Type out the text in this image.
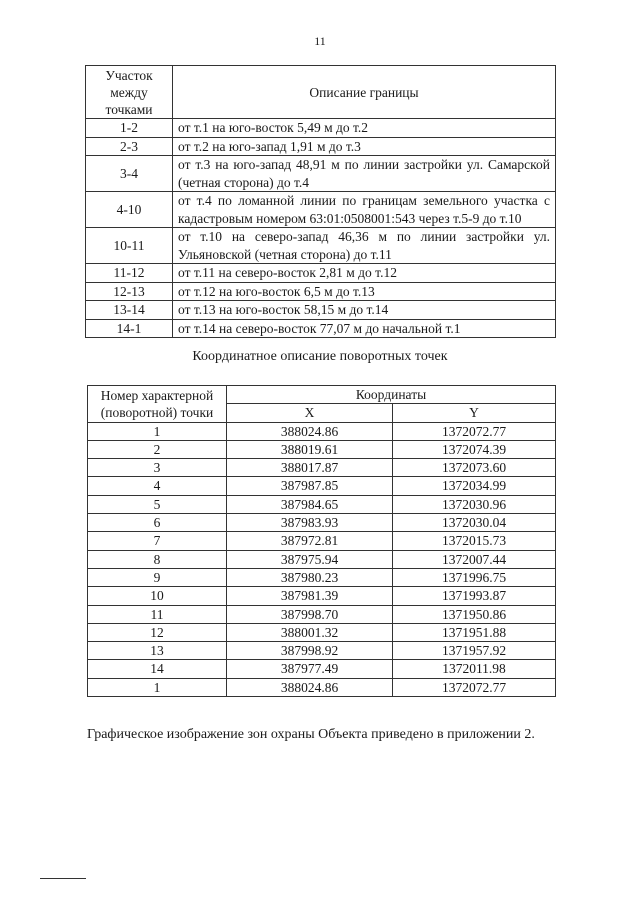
11
Участок между точками	Описание границы
1-2	от т.1 на юго-восток 5,49 м до т.2
2-3	от т.2 на юго-запад 1,91 м до т.3
3-4	от т.3 на юго-запад 48,91 м по линии застройки ул. Самарской (четная сторона) до т.4
4-10	от т.4 по ломанной линии по границам земельного участка с кадастровым номером 63:01:0508001:543 через т.5-9 до т.10
10-11	от т.10 на северо-запад 46,36 м по линии застройки ул. Ульяновской (четная сторона) до т.11
11-12	от т.11 на северо-восток 2,81 м до т.12
12-13	от т.12 на юго-восток 6,5 м до т.13
13-14	от т.13 на юго-восток 58,15 м до т.14
14-1	от т.14 на северо-восток 77,07 м до начальной т.1
Координатное описание поворотных точек
Номер характерной (поворотной) точки	Координаты	
	X	Y
1	388024.86	1372072.77
2	388019.61	1372074.39
3	388017.87	1372073.60
4	387987.85	1372034.99
5	387984.65	1372030.96
6	387983.93	1372030.04
7	387972.81	1372015.73
8	387975.94	1372007.44
9	387980.23	1371996.75
10	387981.39	1371993.87
11	387998.70	1371950.86
12	388001.32	1371951.88
13	387998.92	1371957.92
14	387977.49	1372011.98
1	388024.86	1372072.77
Графическое изображение зон охраны Объекта приведено в приложении 2.
